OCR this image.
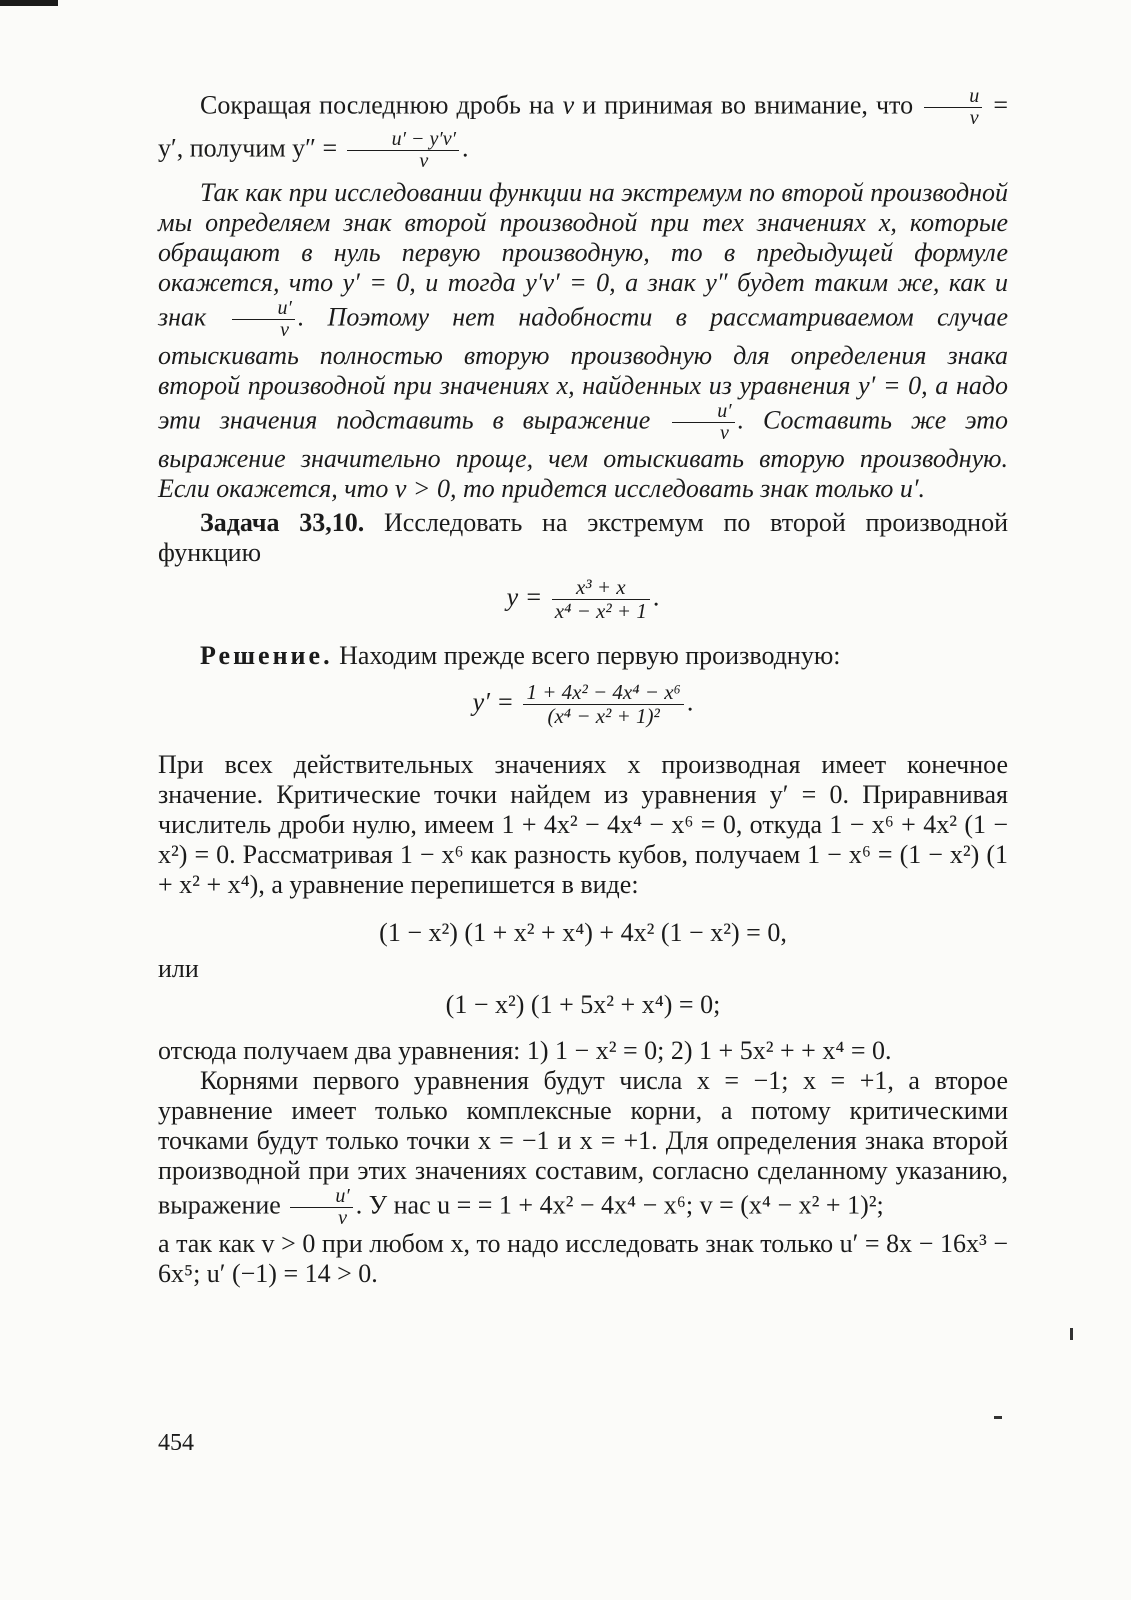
Сокращая последнюю дробь на v и принимая во внимание, что $\frac{u}{v} = y'$, получим $y'' = \frac{u' - y'v'}{v}$ .

Так как при исследовании функции на экстремум по второй производной мы определяем знак второй производной при тех значениях x, которые обращают в нуль первую производную, то в предыдущей формуле окажется, что y′ = 0, и тогда y′v′ = 0, а знак y″ будет таким же, как и знак $\frac{u'}{v}$ . Поэтому нет надобности в рассматриваемом случае отыскивать полностью вторую производную для определения знака второй производной при значениях x, найденных из уравнения y′ = 0, а надо эти значения подставить в выражение $\frac{u'}{v}$ . Составить же это выражение значительно проще, чем отыскивать вторую производную. Если окажется, что v > 0, то придется исследовать знак только u′.

Задача 33,10. Исследовать на экстремум по второй производной функцию

$y = \frac{\text{x³ + x}}{\text{x⁴ − x² + 1}}$ .

Решение. Находим прежде всего первую производную:

$y' = \frac{\text{1 + 4x² − 4x⁴ − x⁶}}{\text{(x⁴ − x² + 1)²}}$ .

При всех действительных значениях x производная имеет конечное значение. Критические точки найдем из уравнения y′ = 0. Приравнивая числитель дроби нулю, имеем 1 + 4x² − 4x⁴ − x⁶ = 0, откуда 1 − x⁶ + 4x² (1 − x²) = 0. Рассматривая 1 − x⁶ как разность кубов, получаем 1 − x⁶ = (1 − x²) (1 + x² + x⁴), а уравнение перепишется в виде:

(1 − x²) (1 + x² + x⁴) + 4x² (1 − x²) = 0,
или
(1 − x²) (1 + 5x² + x⁴) = 0;

отсюда получаем два уравнения: 1) 1 − x² = 0; 2) 1 + 5x² + + x⁴ = 0.

Корнями первого уравнения будут числа x = −1; x = +1, а второе уравнение имеет только комплексные корни, а потому критическими точками будут только точки x = −1 и x = +1. Для определения знака второй производной при этих значениях составим, согласно сделанному указанию, выражение $\frac{u'}{v}$ . У нас u = = 1 + 4x² − 4x⁴ − x⁶; v = (x⁴ − x² + 1)²;

а так как v > 0 при любом x, то надо исследовать знак только u′ = 8x − 16x³ − 6x⁵; u′ (−1) = 14 > 0.

454
